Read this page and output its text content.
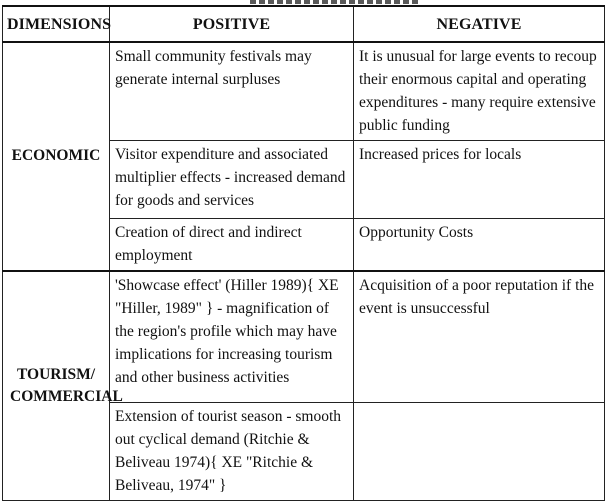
DIMENSIONS	POSITIVE	NEGATIVE
ECONOMIC	Small community festivals may generate internal surpluses	It is unusual for large events to recoup their enormous capital and operating expenditures - many require extensive public funding

	Visitor expenditure and associated multiplier effects - increased demand for goods and services	Increased prices for locals

	Creation of direct and indirect employment	Opportunity Costs

TOURISM/ COMMERCIAL	'Showcase effect' (Hiller 1989){ XE "Hiller, 1989" } - magnification of the region's profile which may have implications for increasing tourism and other business activities	Acquisition of a poor reputation if the event is unsuccessful

	Extension of tourist season - smooth out cyclical demand (Ritchie & Beliveau 1974){ XE "Ritchie & Beliveau, 1974" }	
